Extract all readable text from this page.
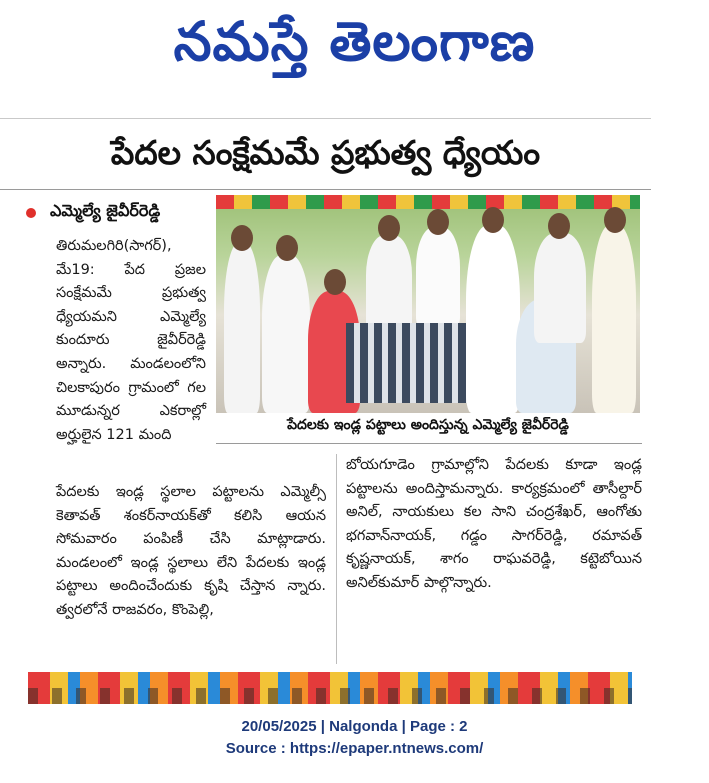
నమస్తే తెలంగాణ
పేదల సంక్షేమమే ప్రభుత్వ ధ్యేయం
ఎమ్మెల్యే జైవీర్‌రెడ్డి

తిరుమలగిరి(సాగర్), మే19: పేద ప్రజల సంక్షేమమే ప్రభుత్వ ధ్యేయమని ఎమ్మెల్యే కుందూరు జైవీర్‌రెడ్డి అన్నారు. మండలంలోని చిలకాపురం గ్రామంలో గల మూడున్నర ఎకరాల్లో అర్హులైన 121 మంది

పేదలకు ఇండ్ల పట్టాలు అందిస్తున్న ఎమ్మెల్యే జైవీర్‌రెడ్డి

పేదలకు ఇండ్ల స్థలాల పట్టాలను ఎమ్మెల్సీ కెతావత్ శంకర్‌నాయక్‌తో కలిసి ఆయన సోమవారం పంపిణీ చేసి మాట్లాడారు. మండలంలో ఇండ్ల స్థలాలు లేని పేదలకు ఇండ్ల పట్టాలు అందించేందుకు కృషి చేస్తాన న్నారు. త్వరలోనే రాజవరం, కొంపెల్లి,

బోయగూడెం గ్రామాల్లోని పేదలకు కూడా ఇండ్ల పట్టాలను అందిస్తామన్నారు. కార్యక్రమంలో తాసీల్దార్ అనిల్, నాయకులు కల సాని చంద్రశేఖర్, ఆంగోతు భగవాన్‌నాయక్, గడ్డం సాగర్‌రెడ్డి, రమావత్ కృష్ణనాయక్, శాగం రాఘవరెడ్డి, కట్టెబోయిన అనిల్‌కుమార్ పాల్గొన్నారు.

20/05/2025 | Nalgonda | Page : 2
Source : https://epaper.ntnews.com/
